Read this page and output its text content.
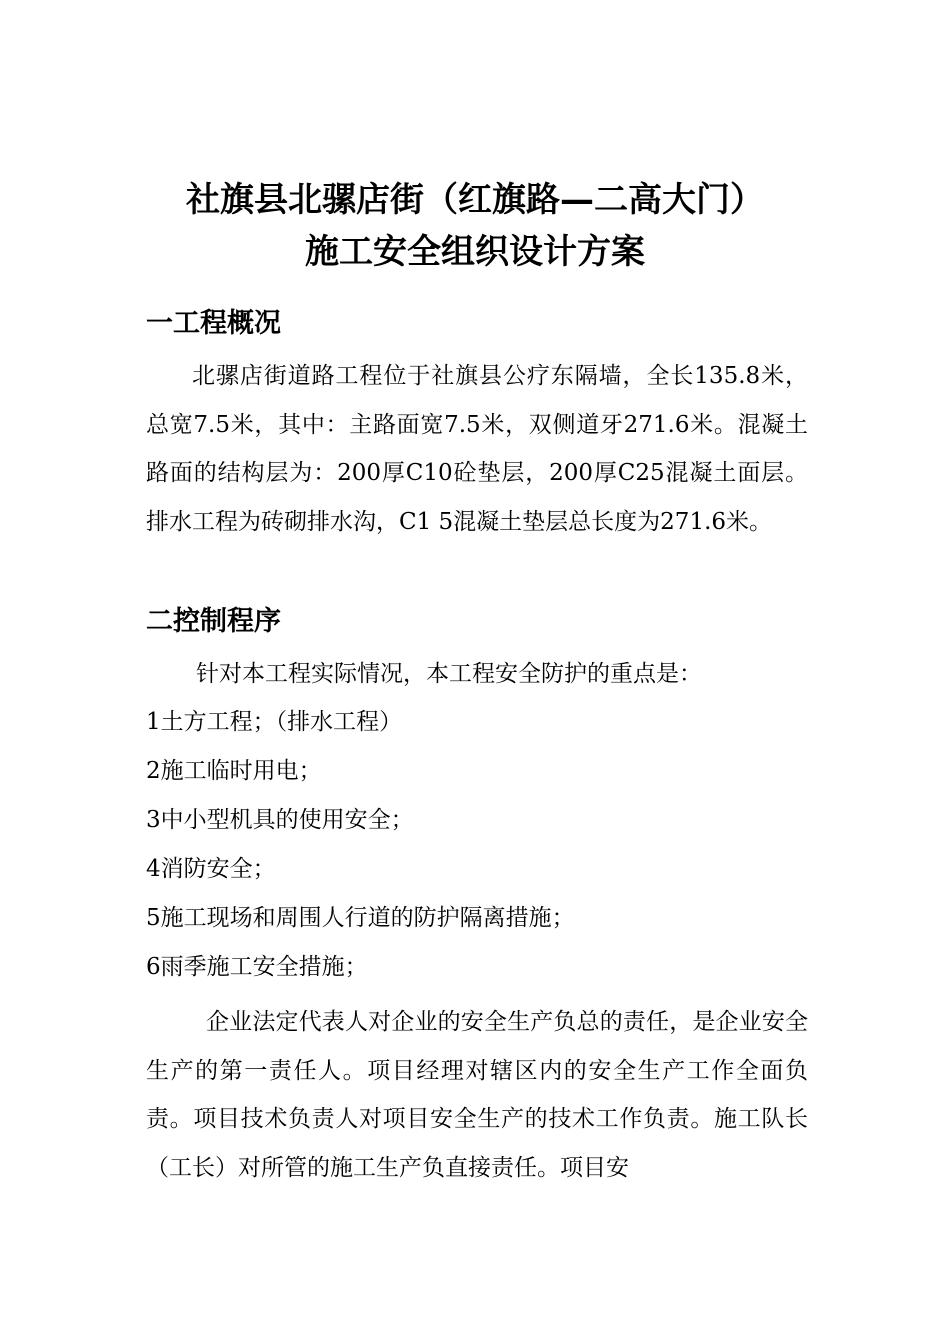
社旗县北骡店街（红旗路—二高大门）
施工安全组织设计方案
一工程概况

北骡店街道路工程位于社旗县公疗东隔墙，全长135.8米，总宽7.5米，其中：主路面宽7.5米，双侧道牙271.6米。混凝土路面的结构层为：200厚C10砼垫层，200厚C25混凝土面层。排水工程为砖砌排水沟，C1 5混凝土垫层总长度为271.6米。

二控制程序
针对本工程实际情况，本工程安全防护的重点是：
1土方工程；（排水工程）
2施工临时用电；
3中小型机具的使用安全；
4消防安全；
5施工现场和周围人行道的防护隔离措施；
6雨季施工安全措施；

企业法定代表人对企业的安全生产负总的责任，是企业安全生产的第一责任人。项目经理对辖区内的安全生产工作全面负责。项目技术负责人对项目安全生产的技术工作负责。施工队长（工长）对所管的施工生产负直接责任。项目安
